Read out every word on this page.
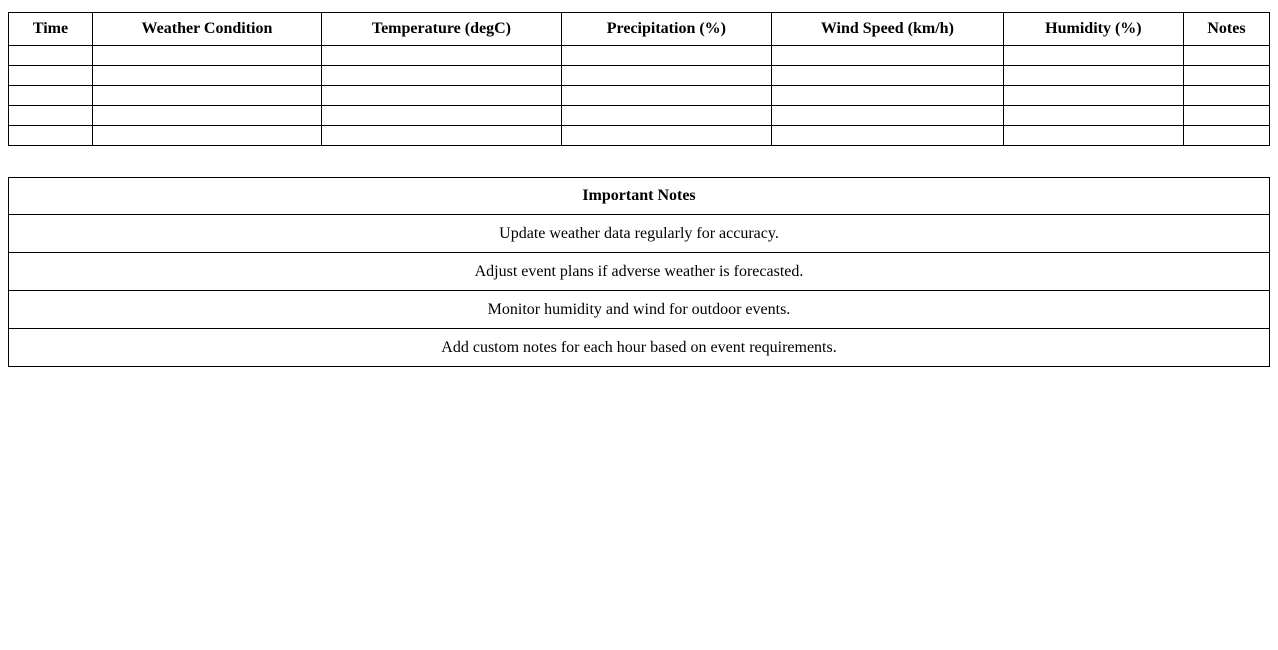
Time	Weather Condition	Temperature (degC)	Precipitation (%)	Wind Speed (km/h)	Humidity (%)	Notes

Important Notes
Update weather data regularly for accuracy.
Adjust event plans if adverse weather is forecasted.
Monitor humidity and wind for outdoor events.
Add custom notes for each hour based on event requirements.
